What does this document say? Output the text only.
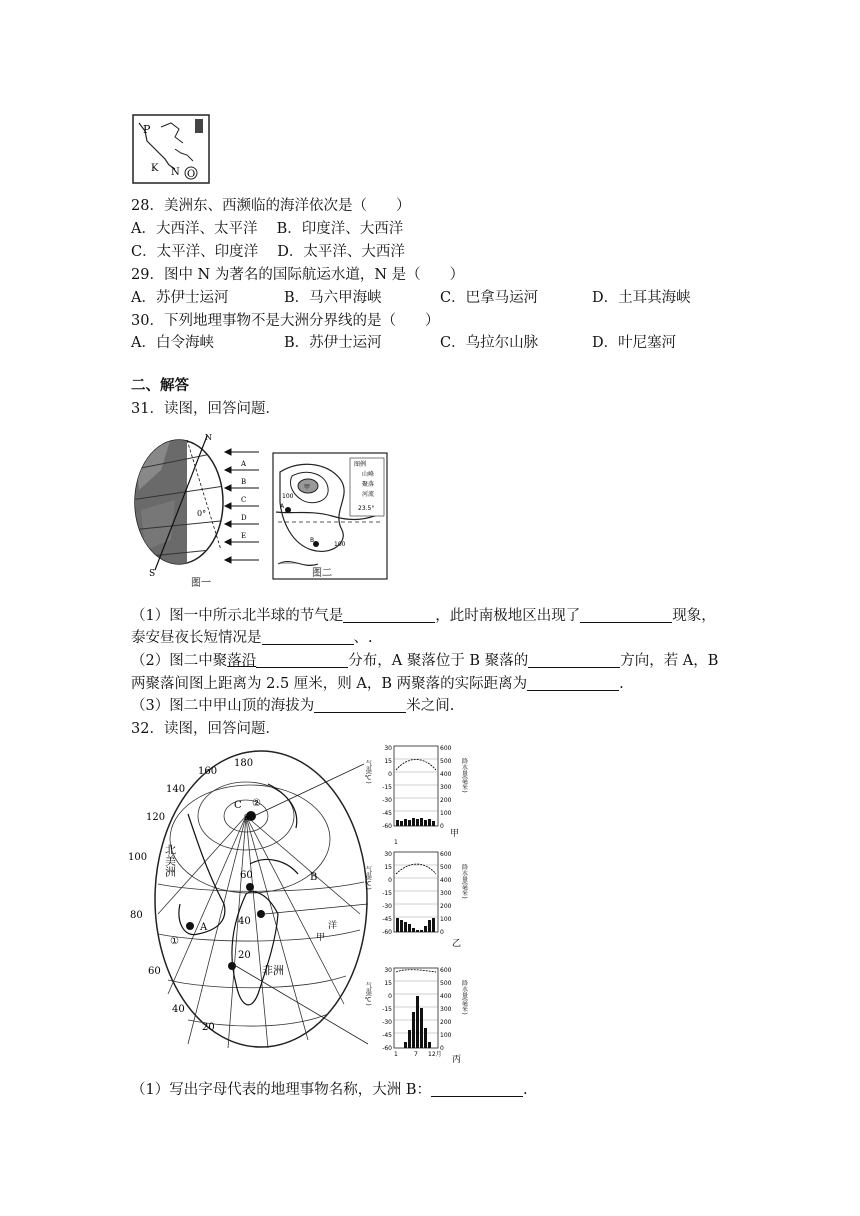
P
K N O
28．美洲东、西濒临的海洋依次是（　　）
A．大西洋、太平洋　 B．印度洋、大西洋
C．太平洋、印度洋　 D．太平洋、大西洋
29．图中 N 为著名的国际航运水道，N 是（　　）
A．苏伊士运河	B．马六甲海峡	C．巴拿马运河	D．土耳其海峡
30．下列地理事物不是大洲分界线的是（　　）
A．白令海峡	B．苏伊士运河	C．乌拉尔山脉	D．叶尼塞河
二、解答
31．读图，回答问题．
N
S
0°
A
B
C
D
E
图一
甲
A
B
100
100
图例
山峰
聚落
河流
23.5°
图二
（1）图一中所示北半球的节气是	，此时南极地区出现了	现象，
泰安昼夜长短情况是	、.
（2）图二中聚落沿	分布，A 聚落位于 B 聚落的	方向，若 A，B
两聚落间图上距离为 2.5 厘米，则 A，B 两聚落的实际距离为	.
（3）图二中甲山顶的海拔为	米之间.
32．读图，回答问题．
160
180
140
120
100
80
60
40
20
60
40
20
90
北美洲
A
B
C
非洲
①
②
甲
洋
气温(℃)	降水量(毫米)
30
15
0
-15
-30
-45
-60
600
500
400
300
200
100
0
甲
1
气温(℃)	降水量(毫米)
30
15
0
-15
-30
-45
-60
600
500
400
300
200
100
0
乙
气温(℃)	降水量(毫米)
30
15
0
-15
-30
-45
-60
600
500
400
300
200
100
0
1	7 12月
丙
（1）写出字母代表的地理事物名称，大洲 B：	.
